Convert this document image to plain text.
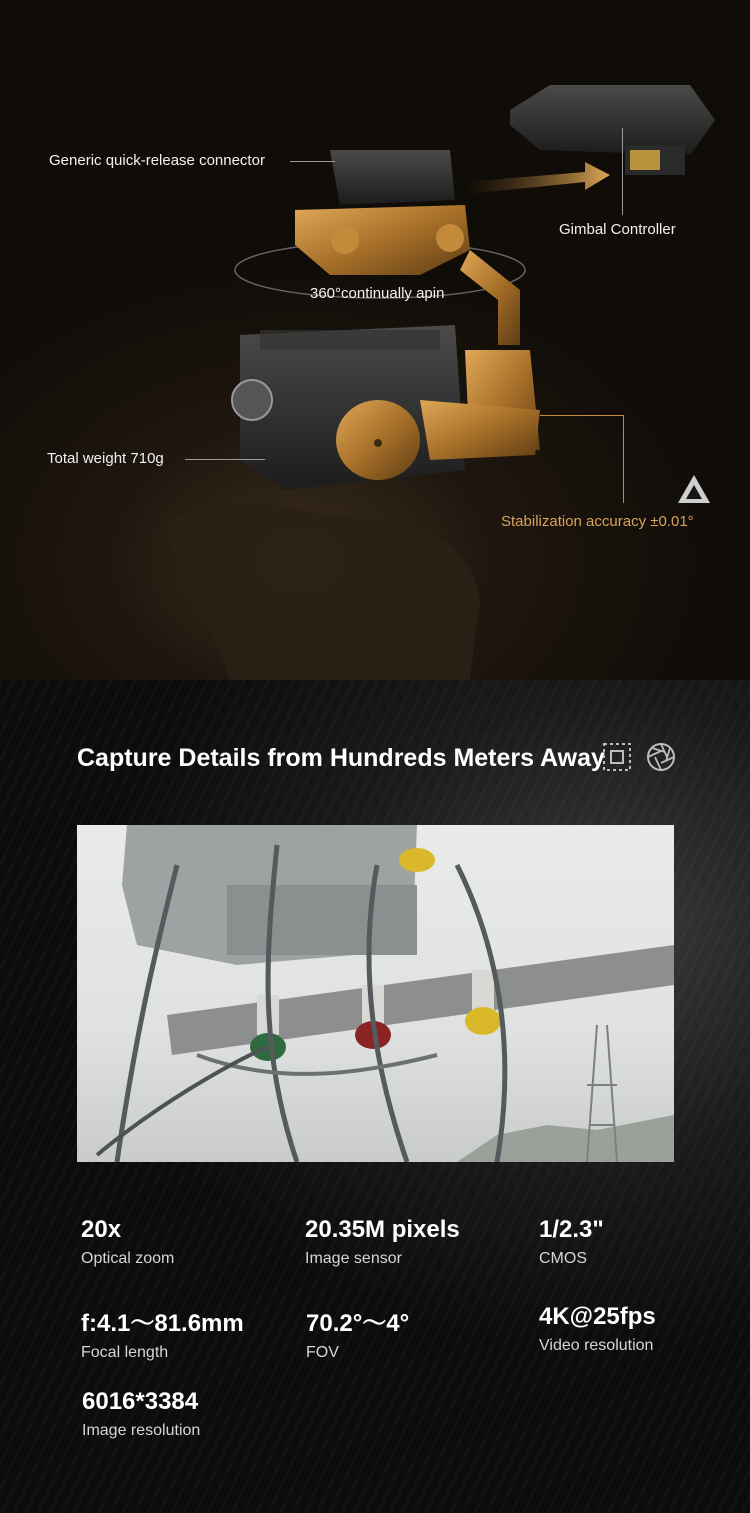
Generic quick-release connector
Gimbal Controller
360°continually apin
Total weight 710g
Stabilization accuracy ±0.01°
Capture Details from Hundreds Meters Away
20x
Optical zoom
20.35M pixels
Image sensor
1/2.3"
CMOS
f:4.1～81.6mm
Focal length
70.2°～4°
FOV
4K@25fps
Video resolution
6016*3384
Image resolution
